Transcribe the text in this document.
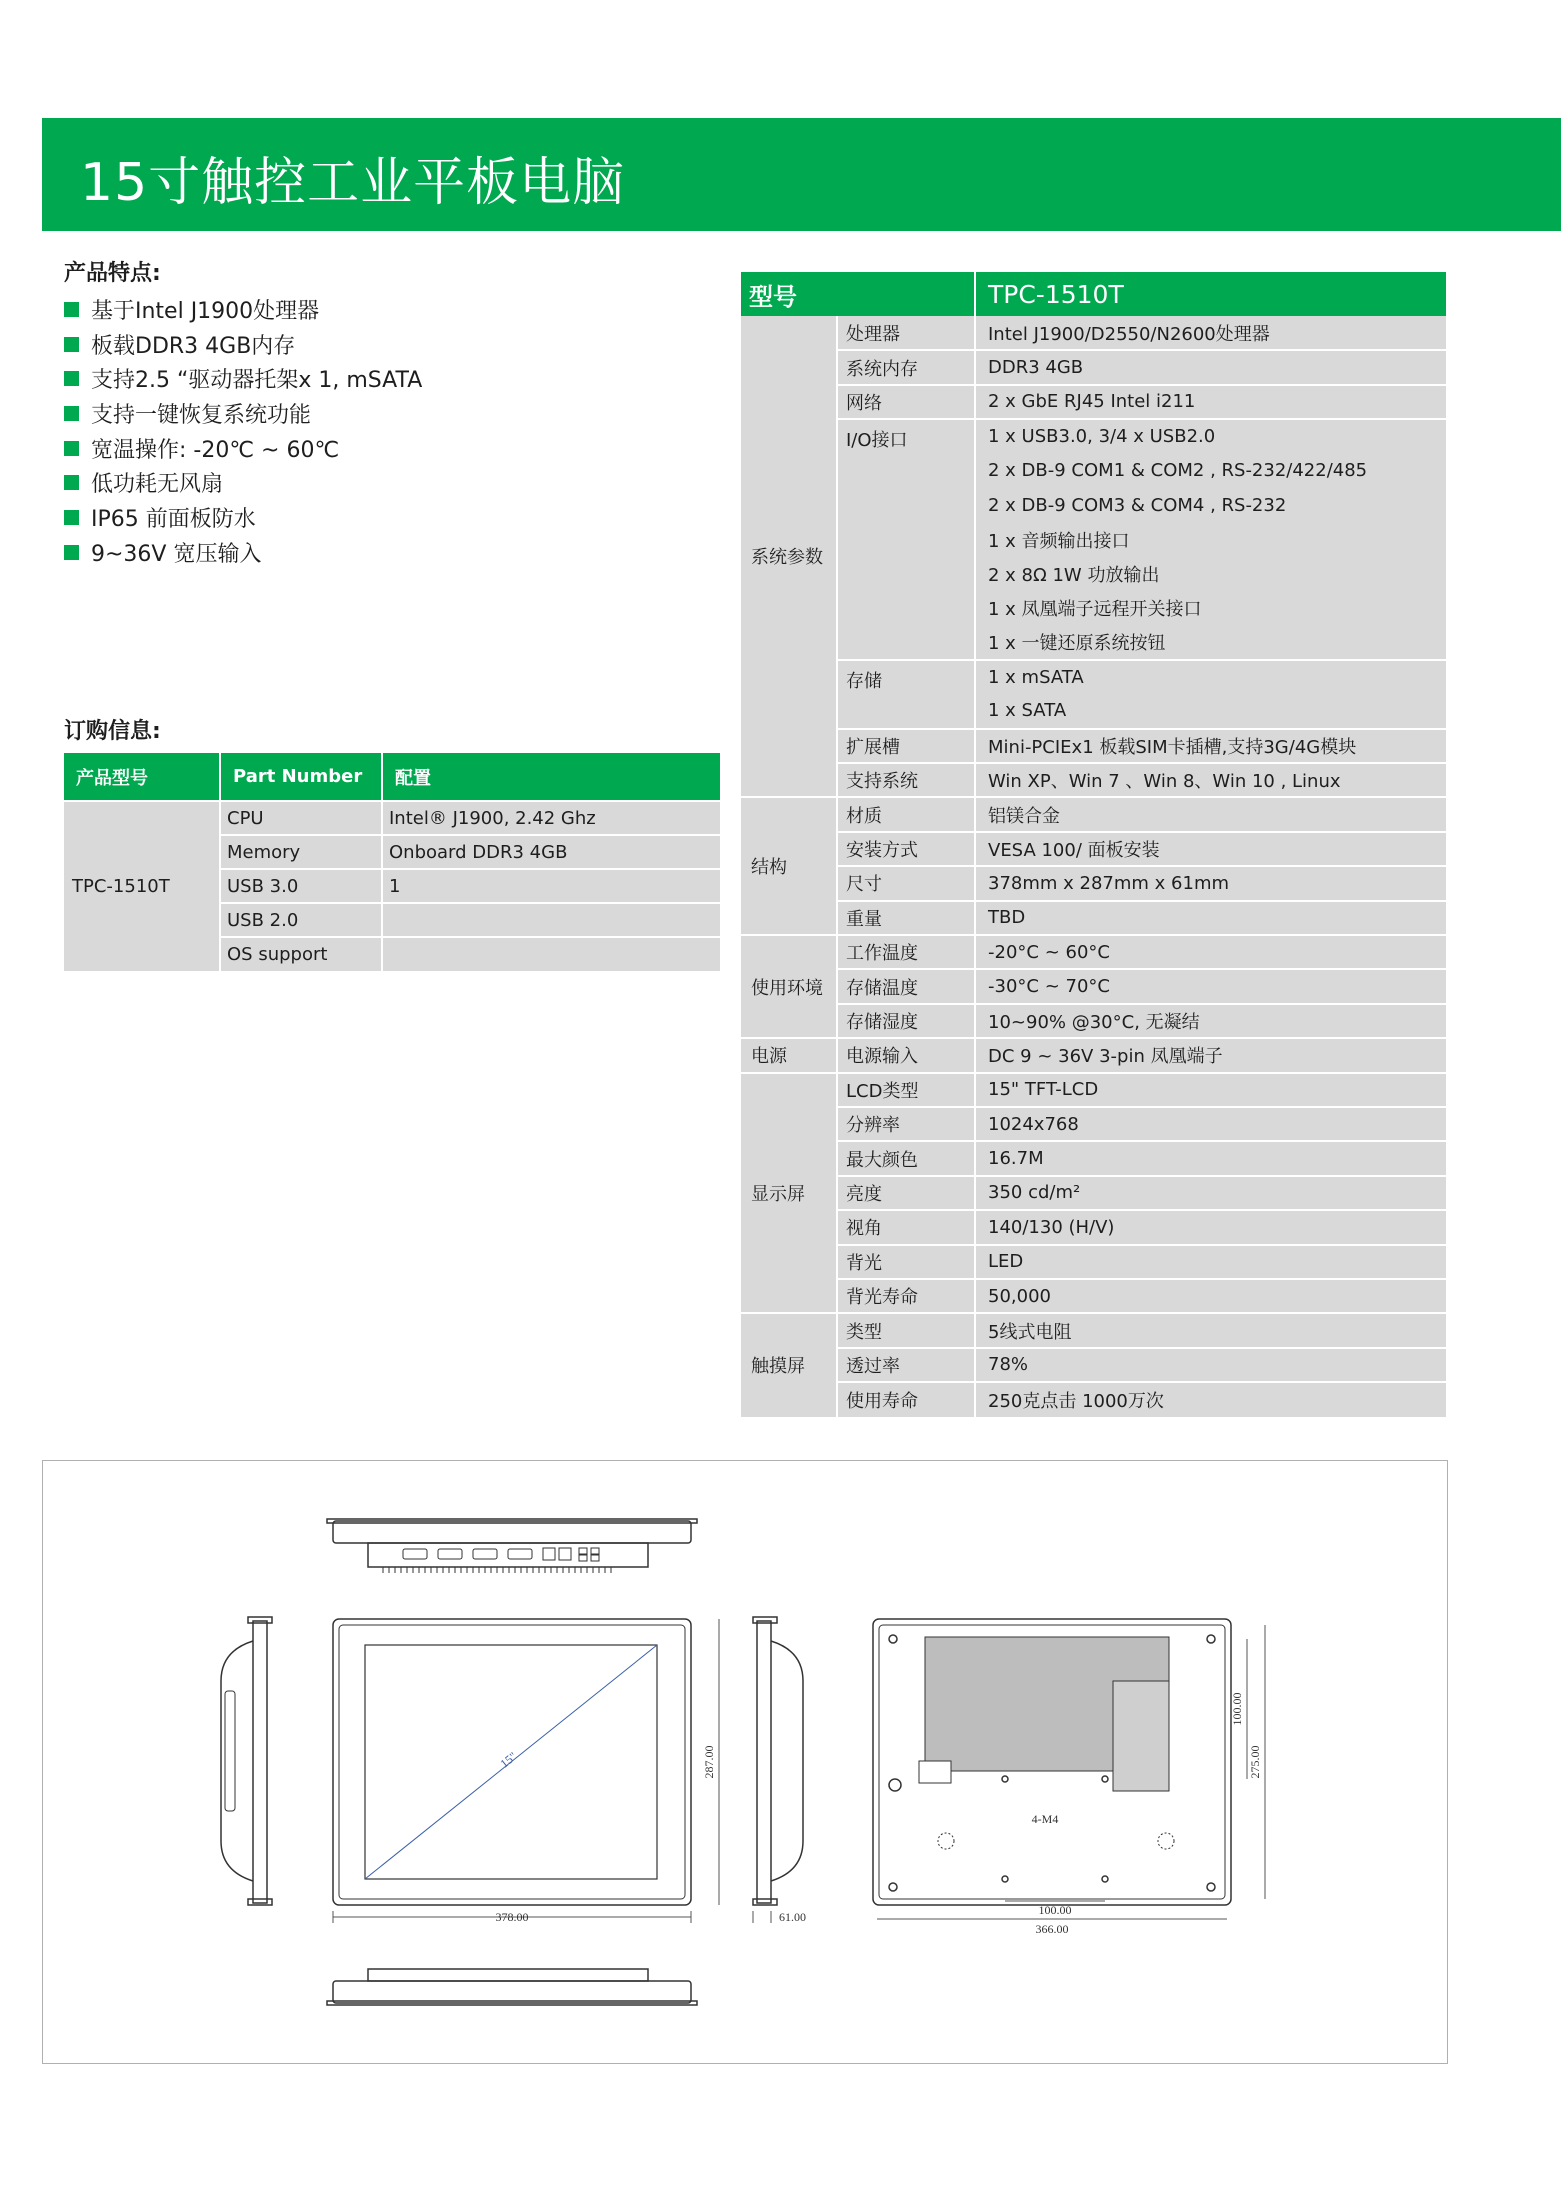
15寸触控工业平板电脑
产品特点:
基于Intel J1900处理器
板载DDR3 4GB内存
支持2.5 “驱动器托架x 1, mSATA
支持一键恢复系统功能
宽温操作: -20℃ ~ 60℃
低功耗无风扇
IP65 前面板防水
9~36V 宽压输入
订购信息:
产品型号	Part Number	配置
TPC-1510T	CPU	Intel® J1900, 2.42 Ghz
	Memory	Onboard DDR3 4GB
	USB 3.0	1
	USB 2.0	
	OS support	
型号		TPC-1510T
系统参数	处理器	Intel J1900/D2550/N2600处理器
	系统内存	DDR3 4GB
	网络	2 x GbE RJ45 Intel i211
	I/O接口	1 x USB3.0, 3/4 x USB2.0
		2 x DB-9 COM1 & COM2 , RS-232/422/485
		2 x DB-9 COM3 & COM4 , RS-232
		1 x 音频输出接口
		2 x 8Ω 1W 功放输出
		1 x 凤凰端子远程开关接口
		1 x 一键还原系统按钮
	存储	1 x mSATA
		1 x SATA
	扩展槽	Mini-PCIEx1 板载SIM卡插槽,支持3G/4G模块
	支持系统	Win XP、Win 7 、Win 8、Win 10 , Linux
结构	材质	铝镁合金
	安装方式	VESA 100/ 面板安装
	尺寸	378mm x 287mm x 61mm
	重量	TBD
使用环境	工作温度	-20°C ~ 60°C
	存储温度	-30°C ~ 70°C
	存储湿度	10~90% @30°C, 无凝结
电源	电源输入	DC 9 ~ 36V 3-pin 凤凰端子
显示屏	LCD类型	15" TFT-LCD
	分辨率	1024x768
	最大颜色	16.7M
	亮度	350 cd/m²
	视角	140/130 (H/V)
	背光	LED
	背光寿命	50,000
触摸屏	类型	5线式电阻
	透过率	78%
	使用寿命	250克点击 1000万次
378.00	61.00
287.00
100.00
366.00
100.00
275.00
4-M4
15"
